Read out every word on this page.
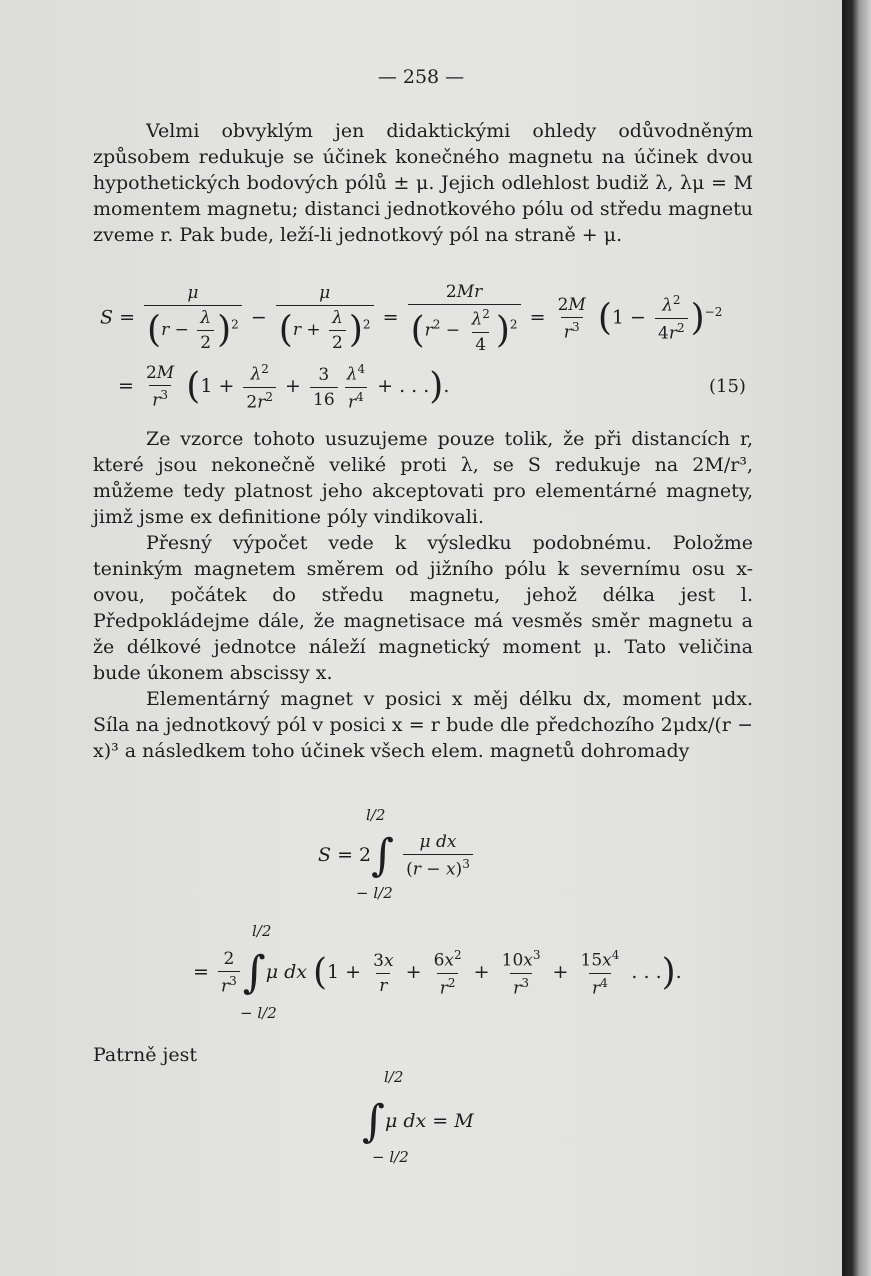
— 258 —

Velmi obvyklým jen didaktickými ohledy odůvodněným způsobem redukuje se účinek konečného magnetu na účinek dvou hypothetických bodových pólů ± μ. Jejich odlehlost budiž λ, λμ = M momentem magnetu; distanci jednotkového pólu od středu magnetu zveme r. Pak bude, leží-li jednotkový pól na straně + μ.

$S = \frac{\mu}{(r - \frac{\lambda}{2} )^2} - \frac{\mu}{(r + \frac{\lambda}{2} )^2} = \frac{2Mr}{(r^2 - \frac{\lambda^2}{4} )^2} = \frac{2M}{r^3} (1 - \frac{\lambda^2}{4r^2} )^{-2}$
= $\frac{2M}{r^3} (1 + \frac{\lambda^2}{2r^2} + \frac{3}{16} \frac{\lambda^4}{r^4}$ + . . .).	(15)

Ze vzorce tohoto usuzujeme pouze tolik, že při distancích r, které jsou nekonečně veliké proti λ, se S redukuje na 2M/r³, můžeme tedy platnost jeho akceptovati pro elementárné magnety, jimž jsme ex definitione póly vindikovali.

Přesný výpočet vede k výsledku podobnému. Položme teninkým magnetem směrem od jižního pólu k severnímu osu x-ovou, počátek do středu magnetu, jehož délka jest l. Předpokládejme dále, že magnetisace má vesměs směr magnetu a že délkové jednotce náleží magnetický moment μ. Tato veličina bude úkonem abscissy x.

Elementárný magnet v posici x měj délku dx, moment μdx. Síla na jednotkový pól v posici x = r bude dle předchozího 2μdx/(r − x)³ a následkem toho účinek všech elem. magnetů dohromady

$S = 2\int \frac{\text{μ dx}}{(r - x)^3}$
l/2
− l/2
= $\frac{2}{r^3} \int\mu$ dx ($1 + \frac{3x}{r} + \frac{6x^2}{r^2} + \frac{10x^3}{r^3} + \frac{15x^4}{r^4}$ . . .).
l/2
− l/2

Patrně jest

∫μ dx = M
l/2
− l/2
